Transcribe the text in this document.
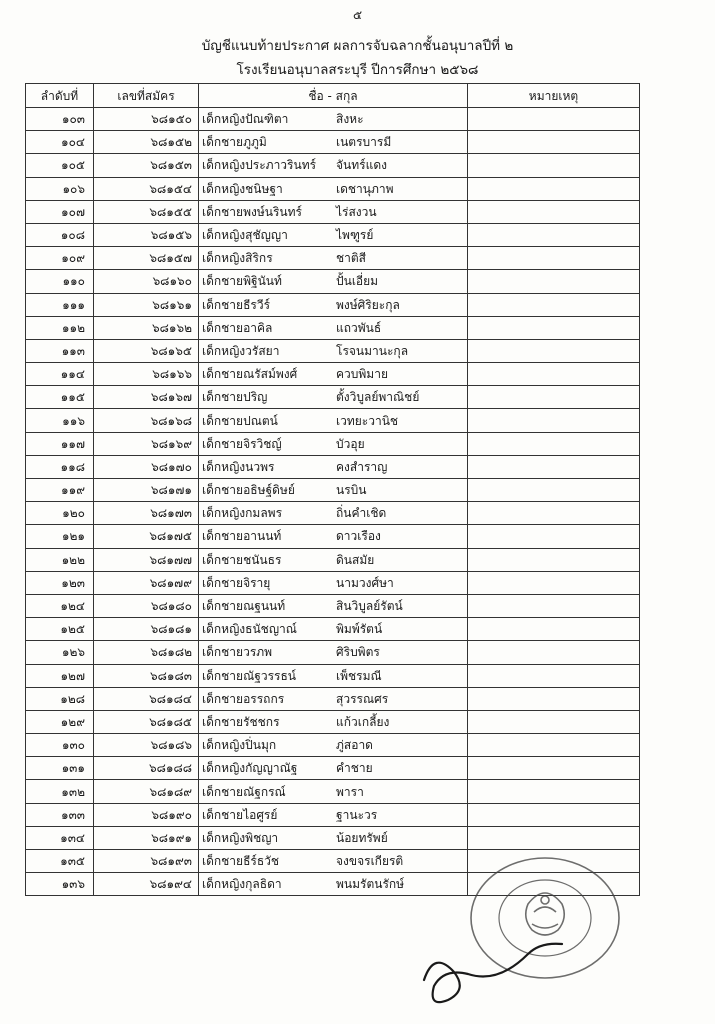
๕
บัญชีแนบท้ายประกาศ ผลการจับฉลากชั้นอนุบาลปีที่ ๒
โรงเรียนอนุบาลสระบุรี ปีการศึกษา ๒๕๖๘
ลำดับที่	เลขที่สมัคร	ชื่อ - สกุล	หมายเหตุ
๑๐๓	๖๘๑๕๐	เด็กหญิงปัณฑิตา สิงหะ	
๑๐๔	๖๘๑๕๒	เด็กชายภูภูมิ เนตรบารมี	
๑๐๕	๖๘๑๕๓	เด็กหญิงประภาวรินทร์ จันทร์แดง	
๑๐๖	๖๘๑๕๔	เด็กหญิงชนิษฐา เดชานุภาพ	
๑๐๗	๖๘๑๕๕	เด็กชายพงษ์นรินทร์ ไร่สงวน	
๑๐๘	๖๘๑๕๖	เด็กหญิงสุชัญญา ไพฑูรย์	
๑๐๙	๖๘๑๕๗	เด็กหญิงสิริกร ชาติสี	
๑๑๐	๖๘๑๖๐	เด็กชายพิฐินันท์ ปั้นเอี่ยม	
๑๑๑	๖๘๑๖๑	เด็กชายธีรวีร์ พงษ์ศิริยะกุล	
๑๑๒	๖๘๑๖๒	เด็กชายอาคิล แถวพันธ์	
๑๑๓	๖๘๑๖๕	เด็กหญิงวรัสยา โรจนมานะกุล	
๑๑๔	๖๘๑๖๖	เด็กชายณรัสม์พงศ์ ควบพิมาย	
๑๑๕	๖๘๑๖๗	เด็กชายปริญ ตั้งวิบูลย์พาณิชย์	
๑๑๖	๖๘๑๖๘	เด็กชายปณตน์ เวทยะวานิช	
๑๑๗	๖๘๑๖๙	เด็กชายจิรวิชญ์ บัวอุย	
๑๑๘	๖๘๑๗๐	เด็กหญิงนวพร คงสำราญ	
๑๑๙	๖๘๑๗๑	เด็กชายอธิษฐ์ดิษย์ นรบิน	
๑๒๐	๖๘๑๗๓	เด็กหญิงกมลพร ถิ่นคำเชิด	
๑๒๑	๖๘๑๗๕	เด็กชายอานนท์ ดาวเรือง	
๑๒๒	๖๘๑๗๗	เด็กชายชนันธร ดินสมัย	
๑๒๓	๖๘๑๗๙	เด็กชายจิรายุ นามวงศ์ษา	
๑๒๔	๖๘๑๘๐	เด็กชายณฐนนท์ สินวิบูลย์รัตน์	
๑๒๕	๖๘๑๘๑	เด็กหญิงธนัชญาณ์ พิมพ์รัตน์	
๑๒๖	๖๘๑๘๒	เด็กชายวรภพ ศิริบพิตร	
๑๒๗	๖๘๑๘๓	เด็กชายณัฐวรรธน์ เพ็ชรมณี	
๑๒๘	๖๘๑๘๔	เด็กชายอรรถกร สุวรรณศร	
๑๒๙	๖๘๑๘๕	เด็กชายรัชชกร แก้วเกลี้ยง	
๑๓๐	๖๘๑๘๖	เด็กหญิงปิ่นมุก ภู่สอาด	
๑๓๑	๖๘๑๘๘	เด็กหญิงกัญญาณัฐ คำชาย	
๑๓๒	๖๘๑๘๙	เด็กชายณัฐกรณ์ พารา	
๑๓๓	๖๘๑๙๐	เด็กชายไอศูรย์ ฐานะวร	
๑๓๔	๖๘๑๙๑	เด็กหญิงพิชญา น้อยทรัพย์	
๑๓๕	๖๘๑๙๓	เด็กชายธีร์ธวัช จงขจรเกียรติ	
๑๓๖	๖๘๑๙๔	เด็กหญิงกุลธิดา พนมรัตนรักษ์	
